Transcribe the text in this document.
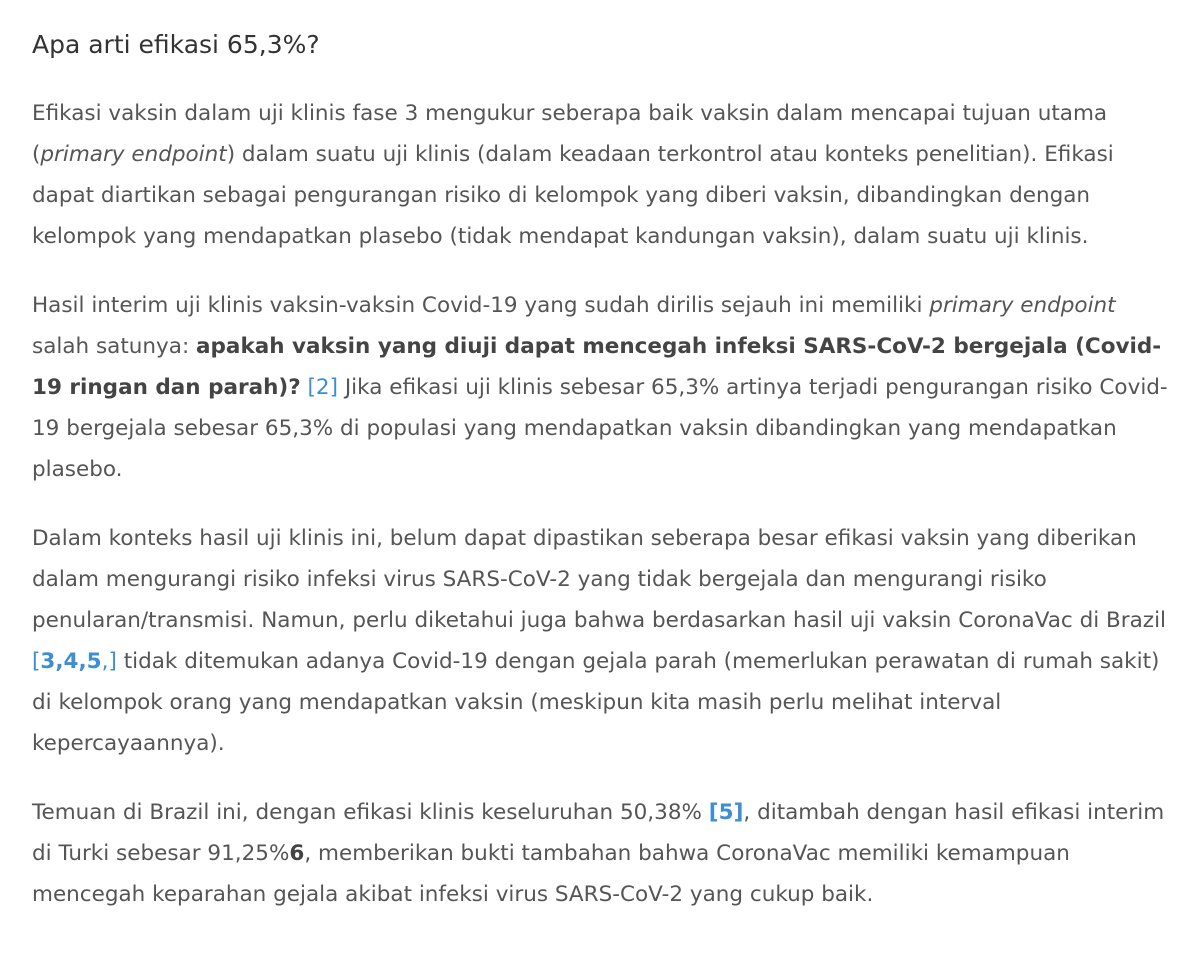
Apa arti efikasi 65,3%?

Efikasi vaksin dalam uji klinis fase 3 mengukur seberapa baik vaksin dalam mencapai tujuan utama (primary endpoint) dalam suatu uji klinis (dalam keadaan terkontrol atau konteks penelitian). Efikasi dapat diartikan sebagai pengurangan risiko di kelompok yang diberi vaksin, dibandingkan dengan kelompok yang mendapatkan plasebo (tidak mendapat kandungan vaksin), dalam suatu uji klinis.

Hasil interim uji klinis vaksin-vaksin Covid-19 yang sudah dirilis sejauh ini memiliki primary endpoint salah satunya: apakah vaksin yang diuji dapat mencegah infeksi SARS-CoV-2 bergejala (Covid-19 ringan dan parah)? [2] Jika efikasi uji klinis sebesar 65,3% artinya terjadi pengurangan risiko Covid-19 bergejala sebesar 65,3% di populasi yang mendapatkan vaksin dibandingkan yang mendapatkan plasebo.

Dalam konteks hasil uji klinis ini, belum dapat dipastikan seberapa besar efikasi vaksin yang diberikan dalam mengurangi risiko infeksi virus SARS-CoV-2 yang tidak bergejala dan mengurangi risiko penularan/transmisi. Namun, perlu diketahui juga bahwa berdasarkan hasil uji vaksin CoronaVac di Brazil [3,4,5,] tidak ditemukan adanya Covid-19 dengan gejala parah (memerlukan perawatan di rumah sakit) di kelompok orang yang mendapatkan vaksin (meskipun kita masih perlu melihat interval kepercayaannya).

Temuan di Brazil ini, dengan efikasi klinis keseluruhan 50,38% [5], ditambah dengan hasil efikasi interim di Turki sebesar 91,25%6, memberikan bukti tambahan bahwa CoronaVac memiliki kemampuan mencegah keparahan gejala akibat infeksi virus SARS-CoV-2 yang cukup baik.
